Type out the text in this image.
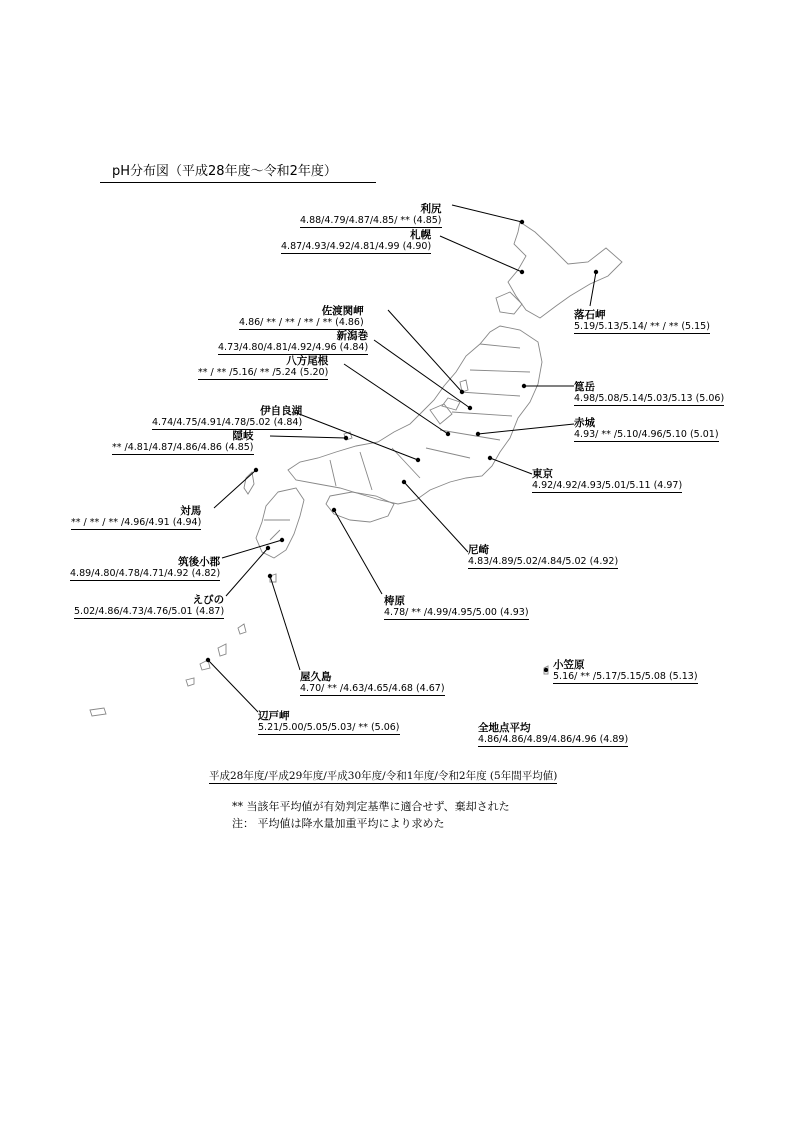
pH分布図（平成28年度～令和2年度）
利尻
4.88/4.79/4.87/4.85/ ** (4.85)
札幌
4.87/4.93/4.92/4.81/4.99 (4.90)
落石岬
5.19/5.13/5.14/ ** / ** (5.15)
佐渡関岬
4.86/ ** / ** / ** / ** (4.86)
新潟巻
4.73/4.80/4.81/4.92/4.96 (4.84)
八方尾根
** / ** /5.16/ ** /5.24 (5.20)
箟岳
4.98/5.08/5.14/5.03/5.13 (5.06)
赤城
4.93/ ** /5.10/4.96/5.10 (5.01)
伊自良湖
4.74/4.75/4.91/4.78/5.02 (4.84)
隠岐
** /4.81/4.87/4.86/4.86 (4.85)
東京
4.92/4.92/4.93/5.01/5.11 (4.97)
対馬
** / ** / ** /4.96/4.91 (4.94)
尼崎
4.83/4.89/5.02/4.84/5.02 (4.92)
筑後小郡
4.89/4.80/4.78/4.71/4.92 (4.82)
えびの
5.02/4.86/4.73/4.76/5.01 (4.87)
梼原
4.78/ ** /4.99/4.95/5.00 (4.93)
小笠原
5.16/ ** /5.17/5.15/5.08 (5.13)
屋久島
4.70/ ** /4.63/4.65/4.68 (4.67)
全地点平均
4.86/4.86/4.89/4.86/4.96 (4.89)
辺戸岬
5.21/5.00/5.05/5.03/ ** (5.06)
平成28年度/平成29年度/平成30年度/令和1年度/令和2年度 (5年間平均値)
** 当該年平均値が有効判定基準に適合せず、棄却された
注： 平均値は降水量加重平均により求めた
